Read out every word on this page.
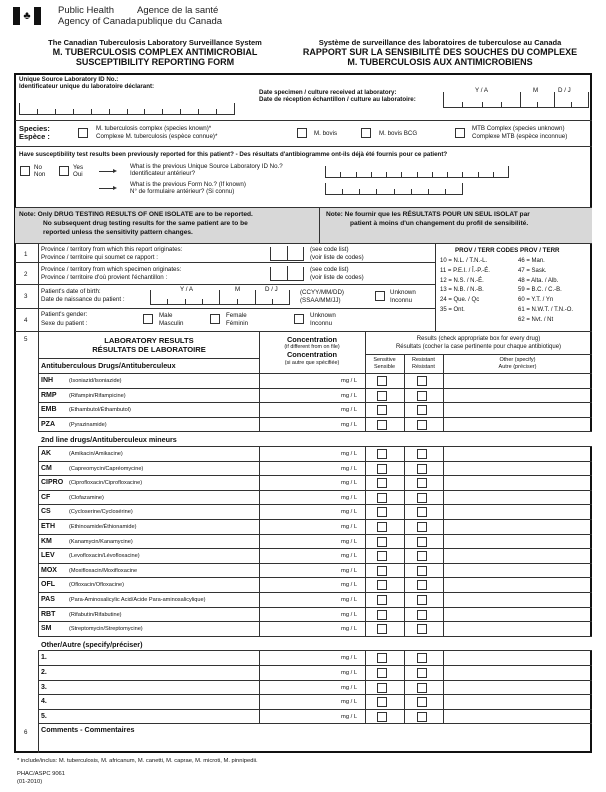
♣	Public Health
Agency of Canada
Agence de la santé
publique du Canada
The Canadian Tuberculosis Laboratory Surveillance System
M. TUBERCULOSIS COMPLEX ANTIMICROBIAL
SUSCEPTIBILITY REPORTING FORM
Système de surveillance des laboratoires de tuberculose au Canada
RAPPORT SUR LA SENSIBILITÉ DES SOUCHES DU COMPLEXE
M. TUBERCULOSIS AUX ANTIMICROBIENS
Unique Source Laboratory ID No.:
Identificateur unique du laboratoire déclarant:
Date specimen / culture received at laboratory:
Date de réception échantillon / culture au laboratoire:
Y / A	M	D / J
Species:
Espèce :
M. tuberculosis complex (species known)*
Complexe M. tuberculosis (espèce connue)*	M. bovis	M. bovis BCG
MTB Complex (species unknown)
Complexe MTB (espèce inconnue)
Have susceptibility test results been previously reported for this patient? - Des résultats d'antibiogramme ont-ils déjà été fournis pour ce patient?
No
Non
Yes
Oui
What is the previous Unique Source Laboratory ID No.?
Identificateur antérieur?
What is the previous Form No.? (If known)
N° de formulaire antérieur? (Si connu)
Note: Only DRUG TESTING RESULTS OF ONE ISOLATE are to be reported.
No subsequent drug testing results for the same patient are to be
reported unless the sensitivity pattern changes.
Note: Ne fournir que les RÉSULTATS POUR UN SEUL ISOLAT par
patient à moins d'un changement du profil de sensibilité.
1
Province / territory from which this report originates:
Province / territoire qui soumet ce rapport :
(see code list)
(voir liste de codes)
2
Province / territory from which specimen originates:
Province / territoire d'où provient l'échantillon :
(see code list)
(voir liste de codes)
3
Patient's date of birth:
Date de naissance du patient :
Y / A	M	D / J	(CCYY/MM/DD)
(SSAA/MM/JJ)
Unknown
Inconnu
4
Patient's gender:
Sexe du patient :
Male
Masculin
Female
Féminin
Unknown
Inconnu
PROV / TERR CODES PROV / TERR
10 = N.L. / T.N.-L.
11 = P.E.I. / Î.-P.-É.
12 = N.S. / N.-É.
13 = N.B. / N.-B.
24 = Que. / Qc
35 = Ont.
46 = Man.
47 = Sask.
48 = Alta. / Alb.
59 = B.C. / C.-B.
60 = Y.T. / Yn
61 = N.W.T. / T.N.-O.
62 = Nvt. / Nt
5	LABORATORY RESULTS
RÉSULTATS DE LABORATOIRE
Antituberculous Drugs/Antituberculeux
Concentration
(if different from on file)
Concentration
(si autre que spécifiée)
Results (check appropriate box for every drug)
Résultats (cocher la case pertinente pour chaque antibiotique)
Sensitive
Sensible
Resistant
Résistant
Other (specify)
Autre (préciser)
INH	(Isoniazid/Isoniazide)	mg / L
RMP (Rifampin/Rifampicine)	mg / L
EMB (Ethambutol/Éthambutol)	mg / L
PZA	(Pyrazinamide)	mg / L
2nd line drugs/Antituberculeux mineurs
AK	(Amikacin/Amikacine)	mg / L
CM	(Capreomycin/Capréomycine)	mg / L
CIPRO (Ciprofloxacin/Ciprofloxacine)	mg / L
CF	(Clofazamine)	mg / L
CS	(Cycloserine/Cyclosérine)	mg / L
ETH	(Ethinoamide/Éthionamide)	mg / L
KM	(Kanamycin/Kanamycine)	mg / L
LEV	(Levofloxacin/Lévofloxacine)	mg / L
MOX (Moxifloxacin/Moxifloxacine	mg / L
OFL	(Ofloxacin/Ofloxacine)	mg / L
PAS	(Para-Aminosalicylic Acid/Acide Para-aminosalicylique)	mg / L
RBT (Rifabutin/Rifabutine)	mg / L
SM	(Streptomycin/Streptomycine)	mg / L
Other/Autre (specify/préciser)
1.	mg / L
2.	mg / L
3.	mg / L
4.	mg / L
5.	mg / L
6 Comments - Commentaires
* include/inclus: M. tuberculosis, M. africanum, M. canetti, M. caprae, M. microti, M. pinnipedii.
PHAC/ASPC 9061
(01-2010)
